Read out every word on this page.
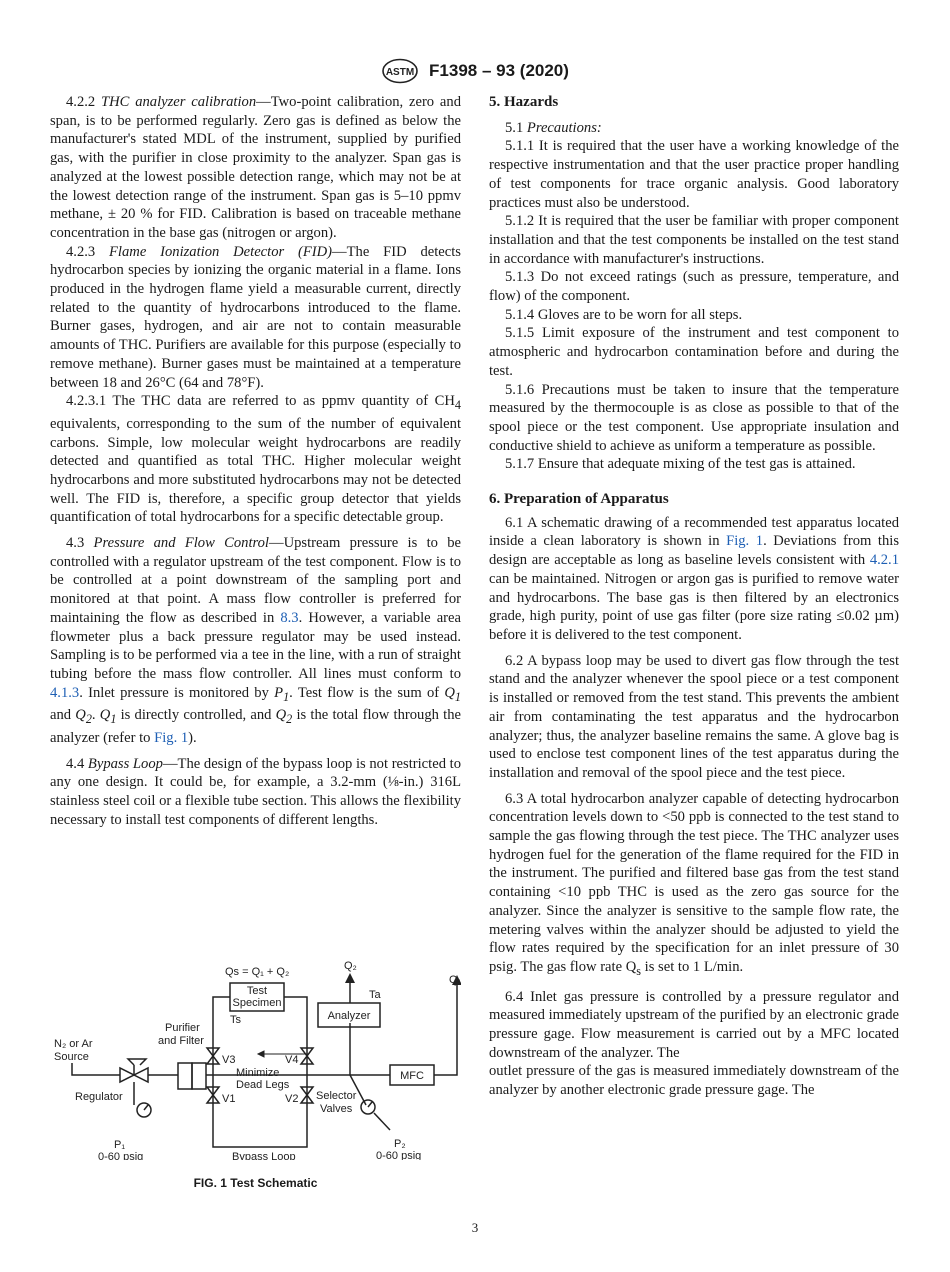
ASTM F1398 – 93 (2020)

4.2.2 THC analyzer calibration—Two-point calibration, zero and span, is to be performed regularly. Zero gas is defined as below the manufacturer's stated MDL of the instrument, supplied by purified gas, with the purifier in close proximity to the analyzer. Span gas is analyzed at the lowest possible detection range, which may not be at the lowest detection range of the instrument. Span gas is 5–10 ppmv methane, ± 20 % for FID. Calibration is based on traceable methane concentration in the base gas (nitrogen or argon).

4.2.3 Flame Ionization Detector (FID)—The FID detects hydrocarbon species by ionizing the organic material in a flame. Ions produced in the hydrogen flame yield a measurable current, directly related to the quantity of hydrocarbons introduced to the flame. Burner gases, hydrogen, and air are not to contain measurable amounts of THC. Purifiers are available for this purpose (especially to remove methane). Burner gases must be maintained at a temperature between 18 and 26°C (64 and 78°F).

4.2.3.1 The THC data are referred to as ppmv quantity of $CH_4$ equivalents, corresponding to the sum of the number of equivalent carbons. Simple, low molecular weight hydrocarbons are readily detected and quantified as total THC. Higher molecular weight hydrocarbons and more substituted hydrocarbons may not be detected well. The FID is, therefore, a specific group detector that yields quantification of total hydrocarbons for a specific detectable group.

4.3 Pressure and Flow Control—Upstream pressure is to be controlled with a regulator upstream of the test component. Flow is to be controlled at a point downstream of the sampling port and monitored at that point. A mass flow controller is preferred for maintaining the flow as described in 8.3. However, a variable area flowmeter plus a back pressure regulator may be used instead. Sampling is to be performed via a tee in the line, with a run of straight tubing before the mass flow controller. All lines must conform to 4.1.3. Inlet pressure is monitored by $P_1$. Test flow is the sum of $Q_1$ and $Q_2$. $Q_1$ is directly controlled, and $Q_2$ is the total flow through the analyzer (refer to Fig. 1).

4.4 Bypass Loop—The design of the bypass loop is not restricted to any one design. It could be, for example, a 3.2-mm (⅛-in.) 316L stainless steel coil or a flexible tube section. This allows the flexibility necessary to install test components of different lengths.

Qs = Q₁ + Q₂
Test
Specimen
Ts
Q₂
Ta
Analyzer
Q₁
Purifier
and Filter
N₂ or Ar
Source
Regulator
V3	V4
V1	V2
Minimize
Dead Legs
Selector
Valves
MFC
P₁
0-60 psig
P₂
0-60 psig
Bypass Loop
FIG. 1 Test Schematic
5. Hazards

5.1 Precautions:

5.1.1 It is required that the user have a working knowledge of the respective instrumentation and that the user practice proper handling of test components for trace organic analysis. Good laboratory practices must also be understood.

5.1.2 It is required that the user be familiar with proper component installation and that the test components be installed on the test stand in accordance with manufacturer's instructions.

5.1.3 Do not exceed ratings (such as pressure, temperature, and flow) of the component.

5.1.4 Gloves are to be worn for all steps.

5.1.5 Limit exposure of the instrument and test component to atmospheric and hydrocarbon contamination before and during the test.

5.1.6 Precautions must be taken to insure that the temperature measured by the thermocouple is as close as possible to that of the spool piece or the test component. Use appropriate insulation and conductive shield to achieve as uniform a temperature as possible.

5.1.7 Ensure that adequate mixing of the test gas is attained.

6. Preparation of Apparatus

6.1 A schematic drawing of a recommended test apparatus located inside a clean laboratory is shown in Fig. 1. Deviations from this design are acceptable as long as baseline levels consistent with 4.2.1 can be maintained. Nitrogen or argon gas is purified to remove water and hydrocarbons. The base gas is then filtered by an electronics grade, high purity, point of use gas filter (pore size rating ≤0.02 µm) before it is delivered to the test component.

6.2 A bypass loop may be used to divert gas flow through the test stand and the analyzer whenever the spool piece or a test component is installed or removed from the test stand. This prevents the ambient air from contaminating the test apparatus and the hydrocarbon analyzer; thus, the analyzer baseline remains the same. A glove bag is used to enclose test component lines of the test apparatus during the installation and removal of the spool piece and the test piece.

6.3 A total hydrocarbon analyzer capable of detecting hydrocarbon concentration levels down to <50 ppb is connected to the test stand to sample the gas flowing through the test piece. The THC analyzer uses hydrogen fuel for the generation of the flame required for the FID in the instrument. The purified and filtered base gas from the test stand containing <10 ppb THC is used as the zero gas source for the analyzer. Since the analyzer is sensitive to the sample flow rate, the metering valves within the analyzer should be adjusted to yield the flow rates required by the specification for an inlet pressure of 30 psig. The gas flow rate $Q_s$ is set to 1 L/min.

6.4 Inlet gas pressure is controlled by a pressure regulator and measured immediately upstream of the purified by an electronic grade pressure gage. Flow measurement is carried out by a MFC located downstream of the analyzer. The

outlet pressure of the gas is measured immediately downstream of the analyzer by another electronic grade pressure gage. The

3
